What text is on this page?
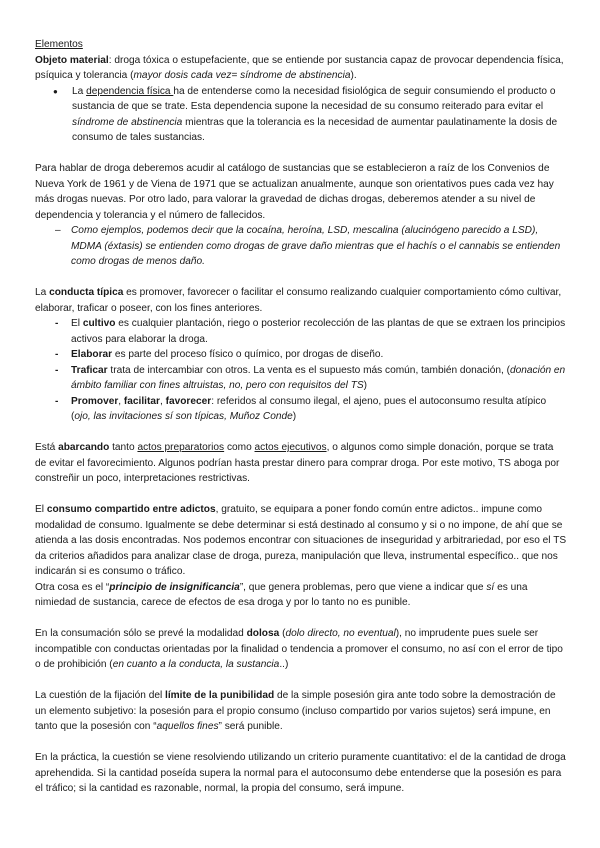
Elementos

Objeto material: droga tóxica o estupefaciente, que se entiende por sustancia capaz de provocar dependencia física, psíquica y tolerancia (mayor dosis cada vez= síndrome de abstinencia).

● La dependencia física ha de entenderse como la necesidad fisiológica de seguir consumiendo el producto o sustancia de que se trate. Esta dependencia supone la necesidad de su consumo reiterado para evitar el síndrome de abstinencia mientras que la tolerancia es la necesidad de aumentar paulatinamente la dosis de consumo de tales sustancias.

Para hablar de droga deberemos acudir al catálogo de sustancias que se establecieron a raíz de los Convenios de Nueva York de 1961 y de Viena de 1971 que se actualizan anualmente, aunque son orientativos pues cada vez hay más drogas nuevas. Por otro lado, para valorar la gravedad de dichas drogas, deberemos atender a su nivel de dependencia y tolerancia y el número de fallecidos.

– Como ejemplos, podemos decir que la cocaína, heroína, LSD, mescalina (alucinógeno parecido a LSD), MDMA (éxtasis) se entienden como drogas de grave daño mientras que el hachís o el cannabis se entienden como drogas de menos daño.

La conducta típica es promover, favorecer o facilitar el consumo realizando cualquier comportamiento cómo cultivar, elaborar, traficar o poseer, con los fines anteriores.

- El cultivo es cualquier plantación, riego o posterior recolección de las plantas de que se extraen los principios activos para elaborar la droga.
- Elaborar es parte del proceso físico o químico, por drogas de diseño.
- Traficar trata de intercambiar con otros. La venta es el supuesto más común, también donación, (donación en ámbito familiar con fines altruistas, no, pero con requisitos del TS)
- Promover, facilitar, favorecer: referidos al consumo ilegal, el ajeno, pues el autoconsumo resulta atípico (ojo, las invitaciones sí son típicas, Muñoz Conde)

Está abarcando tanto actos preparatorios como actos ejecutivos, o algunos como simple donación, porque se trata de evitar el favorecimiento. Algunos podrían hasta prestar dinero para comprar droga. Por este motivo, TS aboga por constreñir un poco, interpretaciones restrictivas.

El consumo compartido entre adictos, gratuito, se equipara a poner fondo común entre adictos.. impune como modalidad de consumo. Igualmente se debe determinar si está destinado al consumo y si o no impone, de ahí que se atienda a las dosis encontradas. Nos podemos encontrar con situaciones de inseguridad y arbitrariedad, por eso el TS da criterios añadidos para analizar clase de droga, pureza, manipulación que lleva, instrumental específico.. que nos indicarán si es consumo o tráfico.

Otra cosa es el “principio de insignificancia”, que genera problemas, pero que viene a indicar que sí es una nimiedad de sustancia, carece de efectos de esa droga y por lo tanto no es punible.

En la consumación sólo se prevé la modalidad dolosa (dolo directo, no eventual), no imprudente pues suele ser incompatible con conductas orientadas por la finalidad o tendencia a promover el consumo, no así con el error de tipo o de prohibición (en cuanto a la conducta, la sustancia..)

La cuestión de la fijación del límite de la punibilidad de la simple posesión gira ante todo sobre la demostración de un elemento subjetivo: la posesión para el propio consumo (incluso compartido por varios sujetos) será impune, en tanto que la posesión con “aquellos fines” será punible.

En la práctica, la cuestión se viene resolviendo utilizando un criterio puramente cuantitativo: el de la cantidad de droga aprehendida. Si la cantidad poseída supera la normal para el autoconsumo debe entenderse que la posesión es para el tráfico; si la cantidad es razonable, normal, la propia del consumo, será impune.
